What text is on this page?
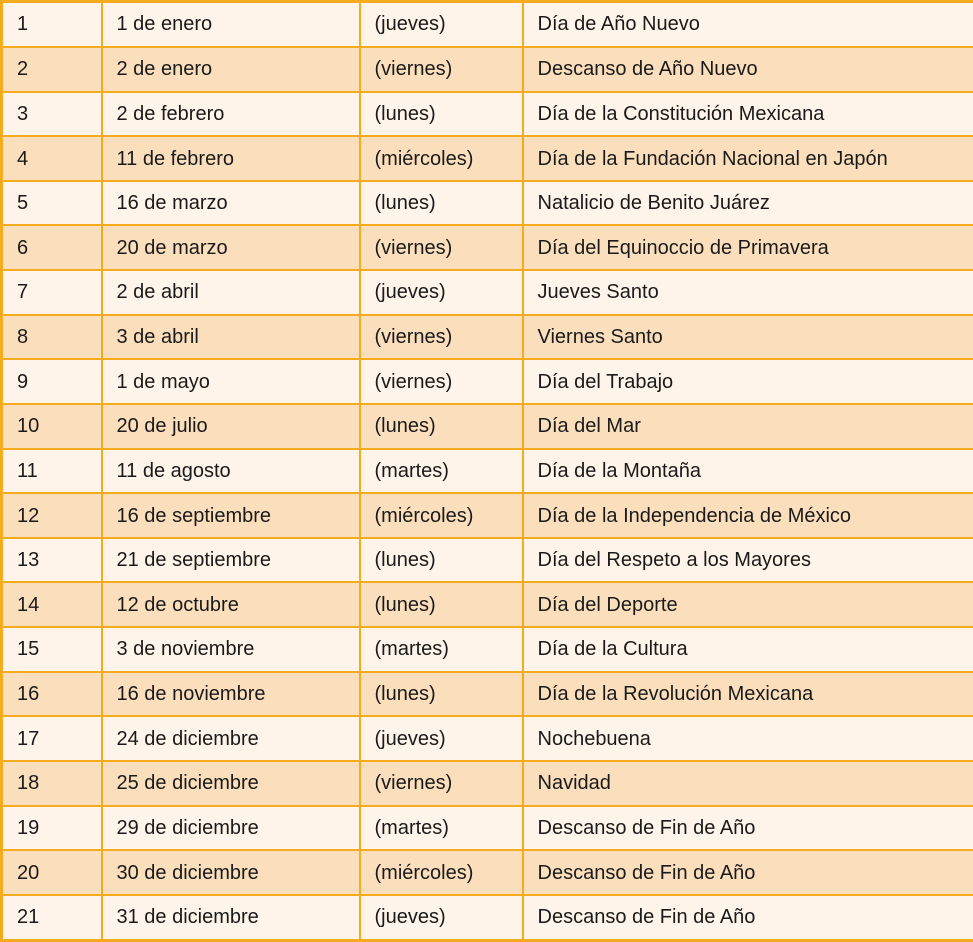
1	1 de enero	(jueves)	Día de Año Nuevo
2	2 de enero	(viernes)	Descanso de Año Nuevo
3	2 de febrero	(lunes)	Día de la Constitución Mexicana
4	11 de febrero	(miércoles)	Día de la Fundación Nacional en Japón
5	16 de marzo	(lunes)	Natalicio de Benito Juárez
6	20 de marzo	(viernes)	Día del Equinoccio de Primavera
7	2 de abril	(jueves)	Jueves Santo
8	3 de abril	(viernes)	Viernes Santo
9	1 de mayo	(viernes)	Día del Trabajo
10	20 de julio	(lunes)	Día del Mar
11	11 de agosto	(martes)	Día de la Montaña
12	16 de septiembre	(miércoles)	Día de la Independencia de México
13	21 de septiembre	(lunes)	Día del Respeto a los Mayores
14	12 de octubre	(lunes)	Día del Deporte
15	3 de noviembre	(martes)	Día de la Cultura
16	16 de noviembre	(lunes)	Día de la Revolución Mexicana
17	24 de diciembre	(jueves)	Nochebuena
18	25 de diciembre	(viernes)	Navidad
19	29 de diciembre	(martes)	Descanso de Fin de Año
20	30 de diciembre	(miércoles)	Descanso de Fin de Año
21	31 de diciembre	(jueves)	Descanso de Fin de Año
